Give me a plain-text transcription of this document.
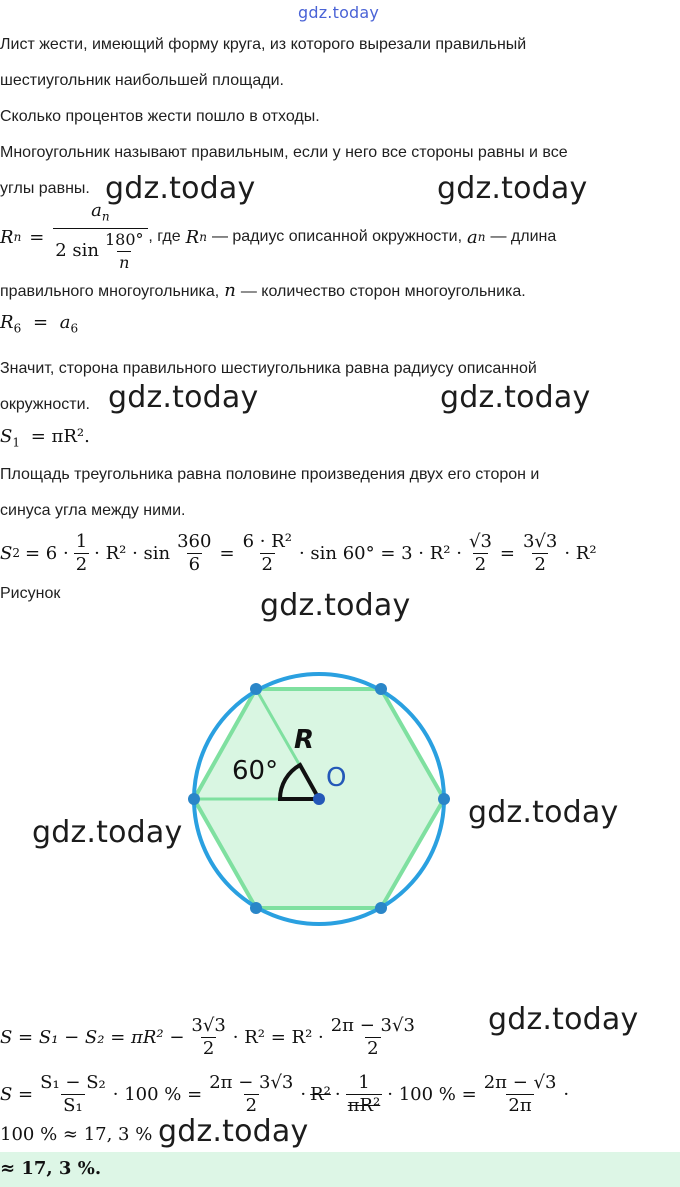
gdz.today
Лист жести, имеющий форму круга, из которого вырезали правильный
шестиугольник наибольшей площади.
Сколько процентов жести пошло в отходы.
Многоугольник называют правильным, если у него все стороны равны и все
углы равны. gdz.today	gdz.today
R $n = \frac{a_n}{2 \sin \frac{180^\circ}{n}}$ , где R n — радиус описанной окружности, a n — длина
правильного многоугольника, n — количество сторон многоугольника.
$R_6 = a_6$
Значит, сторона правильного шестиугольника равна радиусу описанной
окружности. gdz.today	gdz.today
$S_1 = \pi R^2$.
Площадь треугольника равна половине произведения двух его сторон и
синуса угла между ними.
S $2 = 6 \cdot \frac{1}{2} \cdot R^2 \cdot \sin \frac{360}{6} = \frac{\text{6 · R²}}{2} \cdot \sin 60^\circ = 3 \cdot R^2 \cdot \frac{√3}{2} = \frac{3√3}{2} \cdot R^2$
Рисунок	gdz.today
60°
R
O
gdz.today
gdz.today
$S = S_1 - S_2 = \pi R^2 - \frac{3√3}{2} \cdot R^2 = R^2 \cdot \frac{2\pi - 3√3}{2}$ gdz.today
$S = \frac{\text{S₁ − S₂}}{\text{S₁}} \cdot 100$ % = $\frac{2\pi - 3√3}{2} \cdot R^2 \cdot \frac{1}{\text{πR²}} \cdot 100$ % = $\frac{2\pi - √3}{2\pi}$ ·
100 % ≈ 17, 3 % gdz.today
≈ 17, 3 %.
